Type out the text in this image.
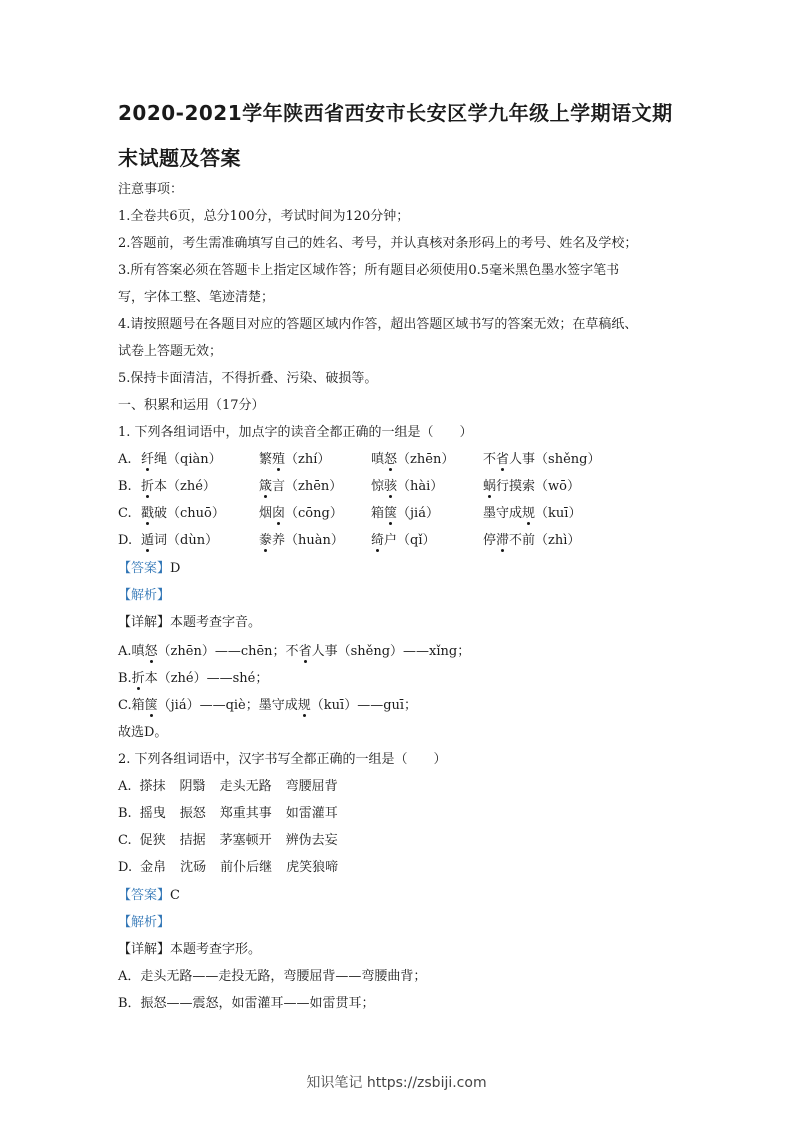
2020-2021学年陕西省西安市长安区学九年级上学期语文期
末试题及答案
注意事项：
1.全卷共6页，总分100分，考试时间为120分钟；
2.答题前，考生需准确填写自己的姓名、考号，并认真核对条形码上的考号、姓名及学校；
3.所有答案必须在答题卡上指定区域作答；所有题目必须使用0.5毫米黑色墨水签字笔书
写，字体工整、笔迹清楚；
4.请按照题号在各题目对应的答题区域内作答，超出答题区域书写的答案无效；在草稿纸、
试卷上答题无效；
5.保持卡面清洁，不得折叠、污染、破损等。
一、积累和运用（17分）
1. 下列各组词语中，加点字的读音全都正确的一组是（　　）
A. 纤绳（qiàn）	繁殖（zhí）	嗔怒（zhēn） 不省人事（shěng）
B. 折本（zhé）	箴言（zhēn） 惊骇（hài）	蜗行摸索（wō）
C. 戳破（chuō）	烟囱（cōng） 箱箧（jiá）	墨守成规（kuī）
D. 遁词（dùn）	豢养（huàn） 绮户（qǐ）	停滞不前（zhì）
【答案】D
【解析】
【详解】本题考查字音。
A.嗔怒（zhēn）——chēn；不省人事（shěng）——xǐng；
B.折本（zhé）——shé；
C.箱箧（jiá）——qiè；墨守成规（kuī）——guī；
故选D。
2. 下列各组词语中，汉字书写全都正确的一组是（　　）
A. 搽抹 阴翳 走头无路 弯腰屈背
B. 摇曳 振怒 郑重其事 如雷灌耳
C. 促狭 拮据 茅塞顿开 辨伪去妄
D. 金帛 沈砀 前仆后继 虎笑狼啼
【答案】C
【解析】
【详解】本题考查字形。
A．走头无路——走投无路，弯腰屈背——弯腰曲背；
B．振怒——震怒，如雷灌耳——如雷贯耳；
知识笔记 https://zsbiji.com
